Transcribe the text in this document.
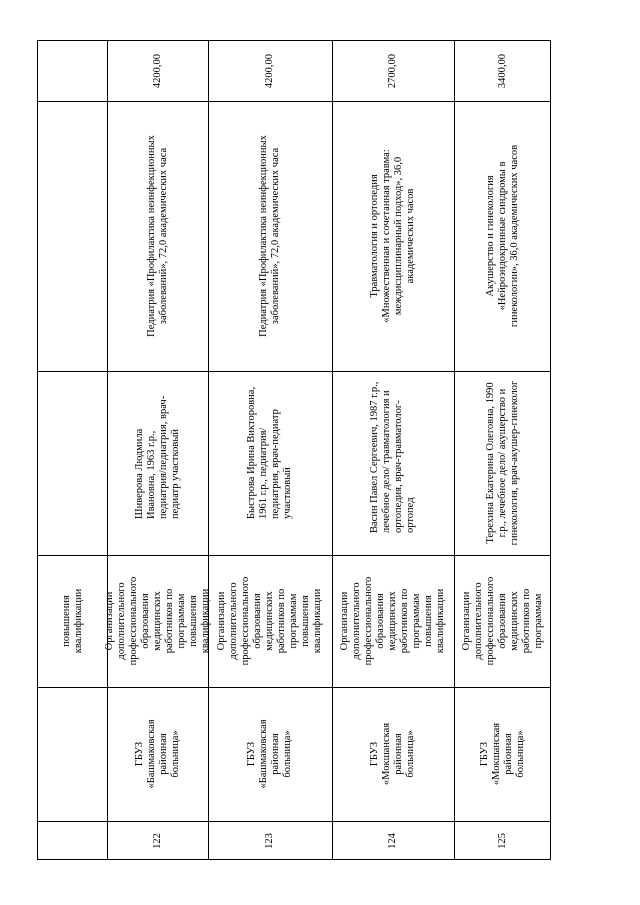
повышения квалификации
122
ГБУЗ «Башмаковская районная больница»
Организации дополнительного профессионального образования медицинских работников по программам повышения квалификации
Шиверова Людмила Ивановна, 1963 г.р., педиатрия/педиатрия, врач-педиатр участковый
Педиатрия «Профилактика неинфекционных заболеваний», 72,0 академических часа
4200,00
123
ГБУЗ «Башмаковская районная больница»
Организации дополнительного профессионального образования медицинских работников по программам повышения квалификации
Быстрова Ирина Викторовна, 1961 г.р., педиатрия/педиатрия, врач-педиатр участковый
Педиатрия «Профилактика неинфекционных заболеваний», 72,0 академических часа
4200,00
124
ГБУЗ «Мокшанская районная больница»
Организации дополнительного профессионального образования медицинских работников по программам повышения квалификации
Васин Павел Сергеевич, 1987 г.р., лечебное дело/ травматология и ортопедия, врач-травматолог-ортопед
Травматология и ортопедия «Множественная и сочетанная травма: междисциплинарный подход», 36,0 академических часов
2700,00
125
ГБУЗ «Мокшанская районная больница»
Организации дополнительного профессионального образования медицинских работников по программам
Терехина Екатерина Олеговна, 1990 г.р., лечебное дело/ акушерство и гинекология, врач-акушер-гинеколог
Акушерство и гинекология «Нейроэндокринные синдромы в гинекологии», 36,0 академических часов
3400,00
